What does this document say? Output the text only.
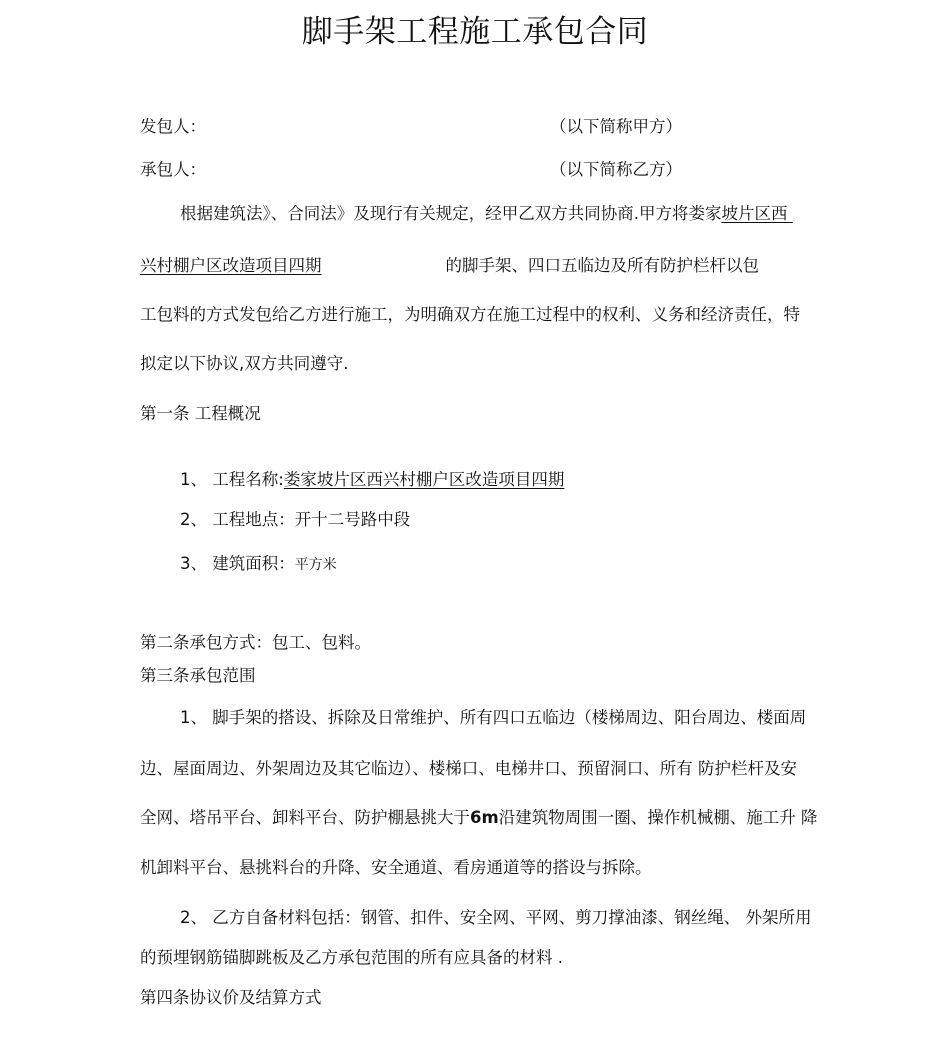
脚手架工程施工承包合同
发包人：	（以下简称甲方）
承包人：	（以下简称乙方）
根据建筑法》、合同法》及现行有关规定，经甲乙双方共同协商.甲方将娄家坡片区西
兴村棚户区改造项目四期	的脚手架、四口五临边及所有防护栏杆以包
工包料的方式发包给乙方进行施工，为明确双方在施工过程中的权利、义务和经济责任，特
拟定以下协议,双方共同遵守.
第一条 工程概况
1、 工程名称:娄家坡片区西兴村棚户区改造项目四期
2、 工程地点：开十二号路中段
3、 建筑面积：平方米
第二条承包方式：包工、包料。
第三条承包范围
1、 脚手架的搭设、拆除及日常维护、所有四口五临边（楼梯周边、阳台周边、楼面周
边、屋面周边、外架周边及其它临边）、楼梯口、电梯井口、预留洞口、所有 防护栏杆及安
全网、塔吊平台、卸料平台、防护棚悬挑大于6m沿建筑物周围一圈、操作机械棚、施工升 降
机卸料平台、悬挑料台的升降、安全通道、看房通道等的搭设与拆除。
2、 乙方自备材料包括：钢管、扣件、安全网、平网、剪刀撑油漆、钢丝绳、 外架所用
的预埋钢筋锚脚跳板及乙方承包范围的所有应具备的材料 .
第四条协议价及结算方式
